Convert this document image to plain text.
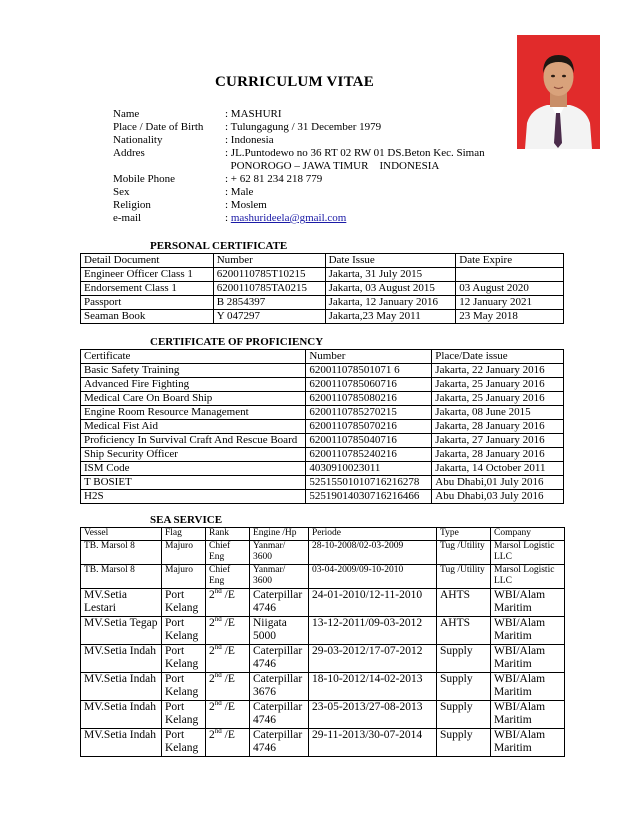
CURRICULUM VITAE
Name	: MASHURI
Place / Date of Birth	: Tulungagung / 31 December 1979
Nationality	: Indonesia
Addres	: JL.Puntodewo no 36 RT 02 RW 01 DS.Beton Kec. Siman
PONOROGO – JAWA TIMUR    INDONESIA
Mobile Phone	: + 62 81 234 218 779
Sex	: Male
Religion	: Moslem
e-mail	: mashurideela@gmail.com
PERSONAL CERTIFICATE
Detail Document	Number	Date Issue	Date Expire
Engineer Officer Class 1	6200110785T10215	Jakarta, 31 July 2015	
Endorsement Class 1	6200110785TA0215	Jakarta, 03 August 2015	03 August 2020
Passport	B 2854397	Jakarta, 12 January 2016	12 January 2021
Seaman Book	Y 047297	Jakarta,23 May 2011	23 May 2018
CERTIFICATE OF PROFICIENCY
Certificate	Number	Place/Date issue
Basic Safety Training	620011078501071 6	Jakarta, 22 January 2016
Advanced Fire Fighting	6200110785060716	Jakarta, 25 January 2016
Medical Care On Board Ship	6200110785080216	Jakarta, 25 January 2016
Engine Room Resource Management	6200110785270215	Jakarta, 08 June 2015
Medical Fist Aid	6200110785070216	Jakarta, 28 January 2016
Proficiency In Survival Craft And Rescue Board	6200110785040716	Jakarta, 27 January 2016
Ship Security Officer	6200110785240216	Jakarta, 28 January 2016
ISM Code	4030910023011	Jakarta, 14 October 2011
T BOSIET	52515501010716216278	Abu Dhabi,01 July 2016
H2S	52519014030716216466	Abu Dhabi,03 July 2016
SEA SERVICE
Vessel	Flag	Rank	Engine /Hp	Periode	Type	Company
TB. Marsol 8	Majuro	Chief Eng	Yanmar/ 3600	28-10-2008/02-03-2009	Tug /Utility	Marsol Logistic LLC
TB. Marsol 8	Majuro	Chief Eng	Yanmar/ 3600	03-04-2009/09-10-2010	Tug /Utility	Marsol Logistic LLC
MV.Setia Lestari	Port Kelang	2nd /E	Caterpillar 4746	24-01-2010/12-11-2010	AHTS	WBI/Alam Maritim
MV.Setia Tegap	Port Kelang	2nd /E	Niigata 5000	13-12-2011/09-03-2012	AHTS	WBI/Alam Maritim
MV.Setia Indah	Port Kelang	2nd /E	Caterpillar 4746	29-03-2012/17-07-2012	Supply	WBI/Alam Maritim
MV.Setia Indah	Port Kelang	2nd /E	Caterpillar 3676	18-10-2012/14-02-2013	Supply	WBI/Alam Maritim
MV.Setia Indah	Port Kelang	2nd /E	Caterpillar 4746	23-05-2013/27-08-2013	Supply	WBI/Alam Maritim
MV.Setia Indah	Port Kelang	2nd /E	Caterpillar 4746	29-11-2013/30-07-2014	Supply	WBI/Alam Maritim
